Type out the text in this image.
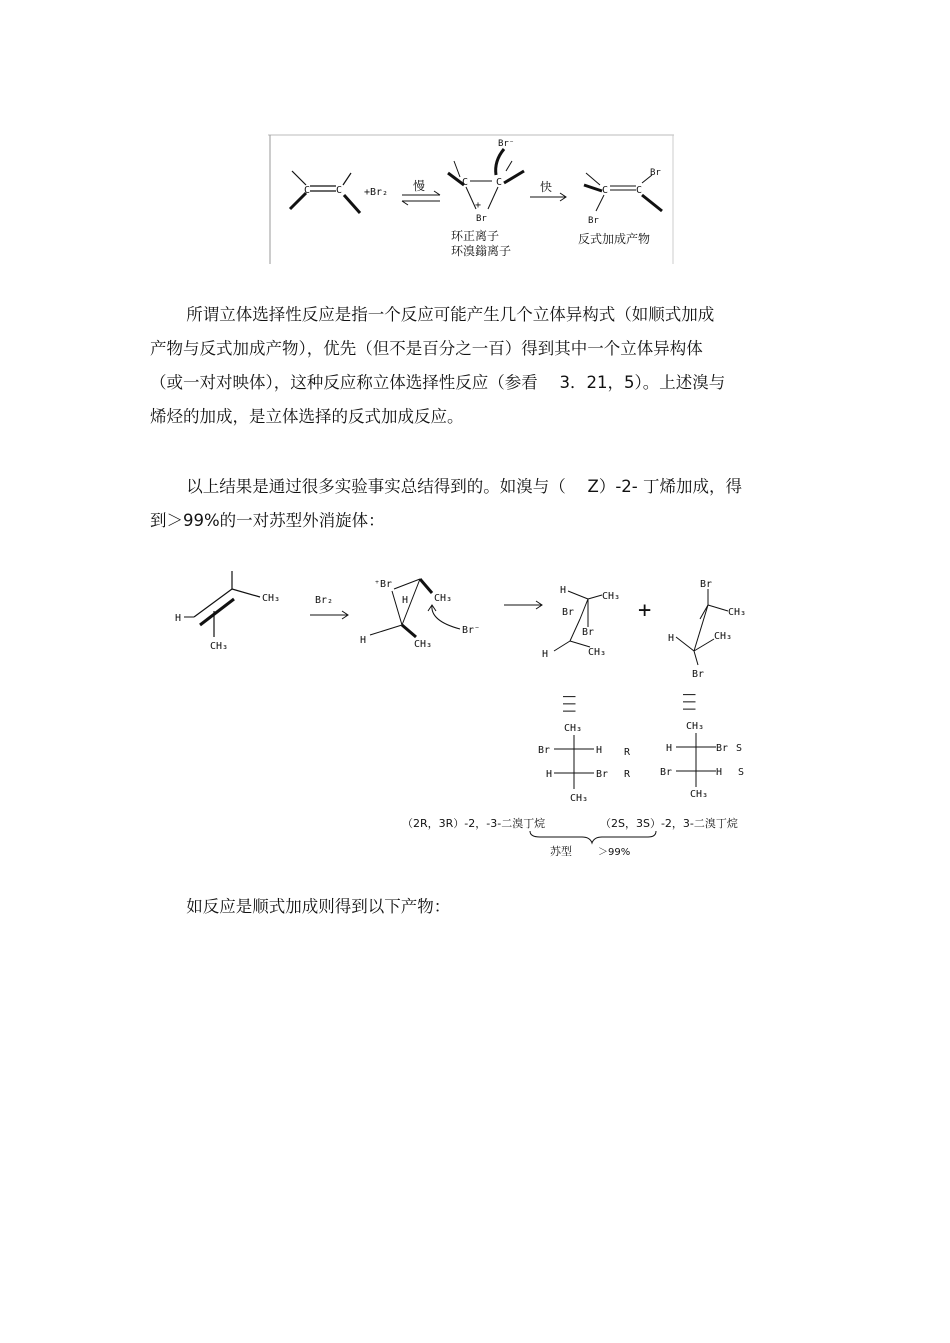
C	C +Br₂ 慢
Br⁻
C	C
+
Br
环正离子
环溴鎓离子
快	C	C
Br
Br
反式加成产物

所谓立体选择性反应是指一个反应可能产生几个立体异构式（如顺式加成
产物与反式加成产物），优先（但不是百分之一百）得到其中一个立体异构体
（或一对对映体），这种反应称立体选择性反应（参看　 3．21，5）。上述溴与
烯烃的加成，是立体选择的反式加成反应。

以上结果是通过很多实验事实总结得到的。如溴与（　 Z）-2- 丁烯加成，得
到＞99%的一对苏型外消旋体：

H
CH₃
CH₃
Br₂
⁺Br
CH₃
H
H	CH₃
Br⁻
H
CH₃
Br
Br
CH₃
H
+
Br
CH₃
H	CH₃
Br
|||	|||
CH₃
Br	H R
H	Br R
CH₃
CH₃
H	Br S
Br	H S
CH₃
（2R，3R）-2，-3-二溴丁烷	（2S，3S）-2，3-二溴丁烷
苏型	＞99%

如反应是顺式加成则得到以下产物：
